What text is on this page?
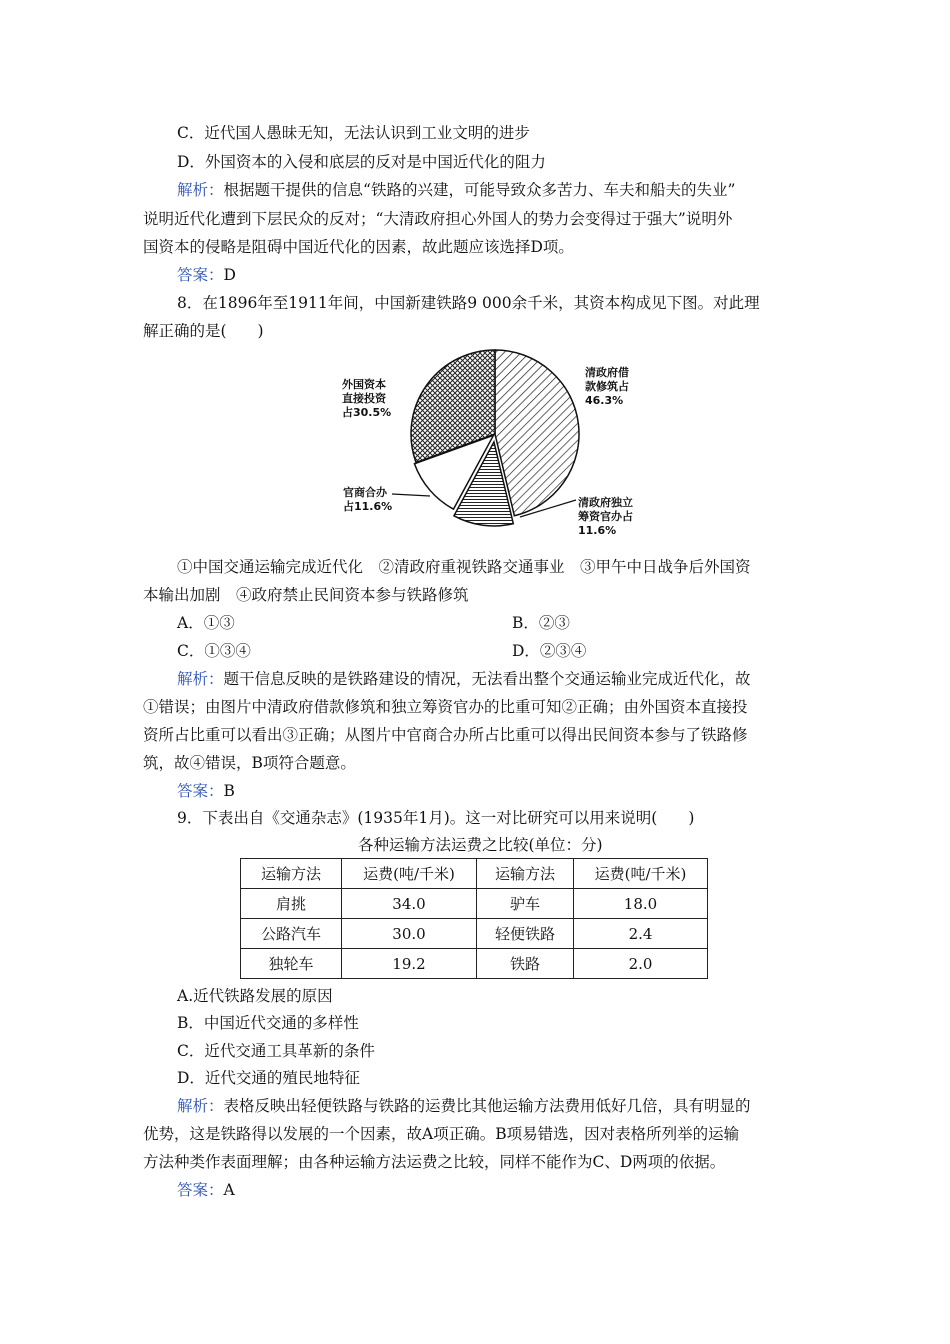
C．近代国人愚昧无知，无法认识到工业文明的进步
D．外国资本的入侵和底层的反对是中国近代化的阻力
解析：根据题干提供的信息“铁路的兴建，可能导致众多苦力、车夫和船夫的失业”
说明近代化遭到下层民众的反对；“大清政府担心外国人的势力会变得过于强大”说明外
国资本的侵略是阻碍中国近代化的因素，故此题应该选择D项。
答案：D
8．在1896年至1911年间，中国新建铁路9 000余千米，其资本构成见下图。对此理
解正确的是(　　)
清政府借
款修筑占
46.3%
外国资本
直接投资
占30.5%
官商合办
占11.6%	清政府独立
筹资官办占
11.6%
①中国交通运输完成近代化　②清政府重视铁路交通事业　③甲午中日战争后外国资
本输出加剧　④政府禁止民间资本参与铁路修筑
A．①③	B．②③
C．①③④	D．②③④
解析：题干信息反映的是铁路建设的情况，无法看出整个交通运输业完成近代化，故
①错误；由图片中清政府借款修筑和独立筹资官办的比重可知②正确；由外国资本直接投
资所占比重可以看出③正确；从图片中官商合办所占比重可以得出民间资本参与了铁路修
筑，故④错误，B项符合题意。
答案：B
9．下表出自《交通杂志》(1935年1月)。这一对比研究可以用来说明(　　)
各种运输方法运费之比较(单位：分)
运输方法	运费(吨/千米)	运输方法	运费(吨/千米)
肩挑	34.0	驴车	18.0
公路汽车	30.0	轻便铁路	2.4
独轮车	19.2	铁路	2.0
A.近代铁路发展的原因
B．中国近代交通的多样性
C．近代交通工具革新的条件
D．近代交通的殖民地特征
解析：表格反映出轻便铁路与铁路的运费比其他运输方法费用低好几倍，具有明显的
优势，这是铁路得以发展的一个因素，故A项正确。B项易错选，因对表格所列举的运输
方法种类作表面理解；由各种运输方法运费之比较，同样不能作为C、D两项的依据。
答案：A
